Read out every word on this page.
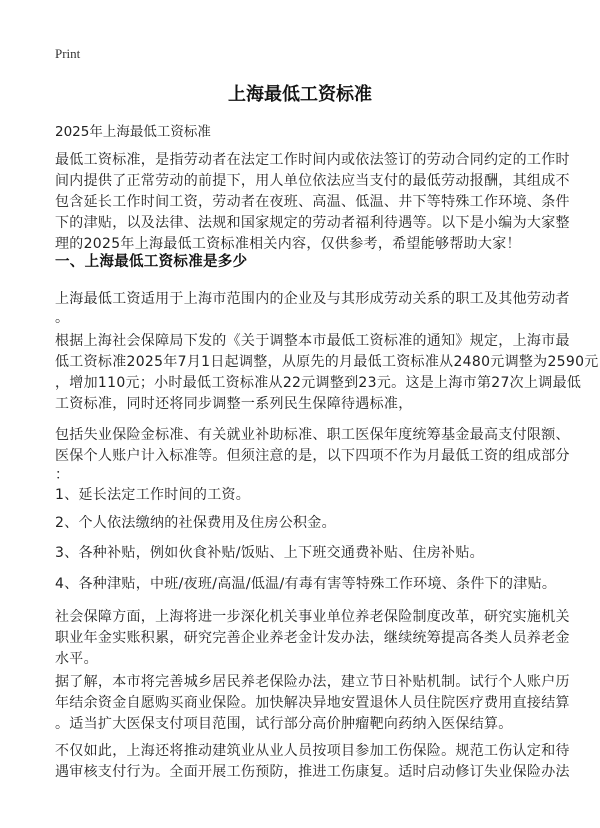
Print
上海最低工资标准
2025年上海最低工资标准
最低工资标准，是指劳动者在法定工作时间内或依法签订的劳动合同约定的工作时
间内提供了正常劳动的前提下，用人单位依法应当支付的最低劳动报酬，其组成不
包含延长工作时间工资，劳动者在夜班、高温、低温、井下等特殊工作环境、条件
下的津贴，以及法律、法规和国家规定的劳动者福利待遇等。以下是小编为大家整
理的2025年上海最低工资标准相关内容，仅供参考，希望能够帮助大家！
一、上海最低工资标准是多少
上海最低工资适用于上海市范围内的企业及与其形成劳动关系的职工及其他劳动者
。
根据上海社会保障局下发的《关于调整本市最低工资标准的通知》规定，上海市最
低工资标准2025年7月1日起调整，从原先的月最低工资标准从2480元调整为2590元
，增加110元；小时最低工资标准从22元调整到23元。这是上海市第27次上调最低
工资标准，同时还将同步调整一系列民生保障待遇标准，
包括失业保险金标准、有关就业补助标准、职工医保年度统筹基金最高支付限额、
医保个人账户计入标准等。但须注意的是，以下四项不作为月最低工资的组成部分
：
1、延长法定工作时间的工资。
2、个人依法缴纳的社保费用及住房公积金。
3、各种补贴，例如伙食补贴/饭贴、上下班交通费补贴、住房补贴。
4、各种津贴，中班/夜班/高温/低温/有毒有害等特殊工作环境、条件下的津贴。
社会保障方面，上海将进一步深化机关事业单位养老保险制度改革，研究实施机关
职业年金实账积累，研究完善企业养老金计发办法，继续统筹提高各类人员养老金
水平。
据了解，本市将完善城乡居民养老保险办法，建立节日补贴机制。试行个人账户历
年结余资金自愿购买商业保险。加快解决异地安置退休人员住院医疗费用直接结算
。适当扩大医保支付项目范围，试行部分高价肿瘤靶向药纳入医保结算。
不仅如此，上海还将推动建筑业从业人员按项目参加工伤保险。规范工伤认定和待
遇审核支付行为。全面开展工伤预防，推进工伤康复。适时启动修订失业保险办法
